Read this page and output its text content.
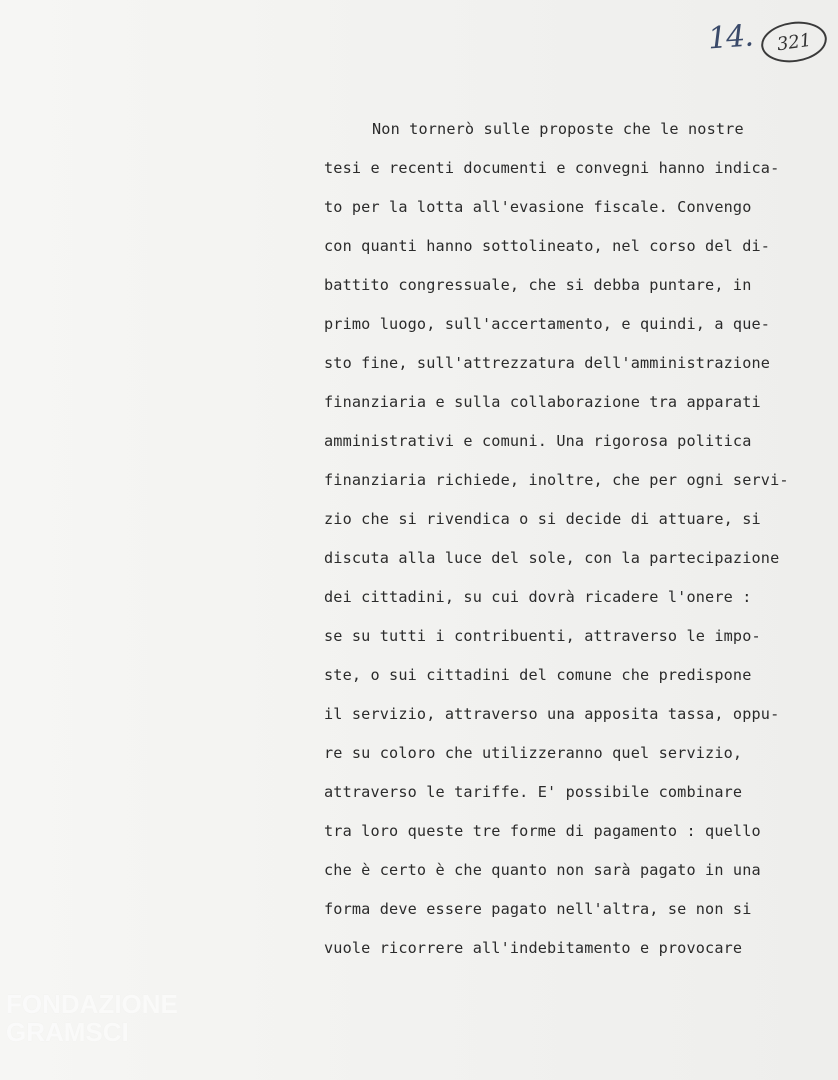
14.	321
Non tornerò sulle proposte che le nostre
tesi e recenti documenti e convegni hanno indica-
to per la lotta all'evasione fiscale. Convengo
con quanti hanno sottolineato, nel corso del di-
battito congressuale, che si debba puntare, in
primo luogo, sull'accertamento, e quindi, a que-
sto fine, sull'attrezzatura dell'amministrazione
finanziaria e sulla collaborazione tra apparati
amministrativi e comuni. Una rigorosa politica
finanziaria richiede, inoltre, che per ogni servi-
zio che si rivendica o si decide di attuare, si
discuta alla luce del sole, con la partecipazione
dei cittadini, su cui dovrà ricadere l'onere :
se su tutti i contribuenti, attraverso le impo-
ste, o sui cittadini del comune che predispone
il servizio, attraverso una apposita tassa, oppu-
re su coloro che utilizzeranno quel servizio,
attraverso le tariffe. E' possibile combinare
tra loro queste tre forme di pagamento : quello
che è certo è che quanto non sarà pagato in una
forma deve essere pagato nell'altra, se non si
vuole ricorrere all'indebitamento e provocare
FONDAZIONE GRAMSCI
